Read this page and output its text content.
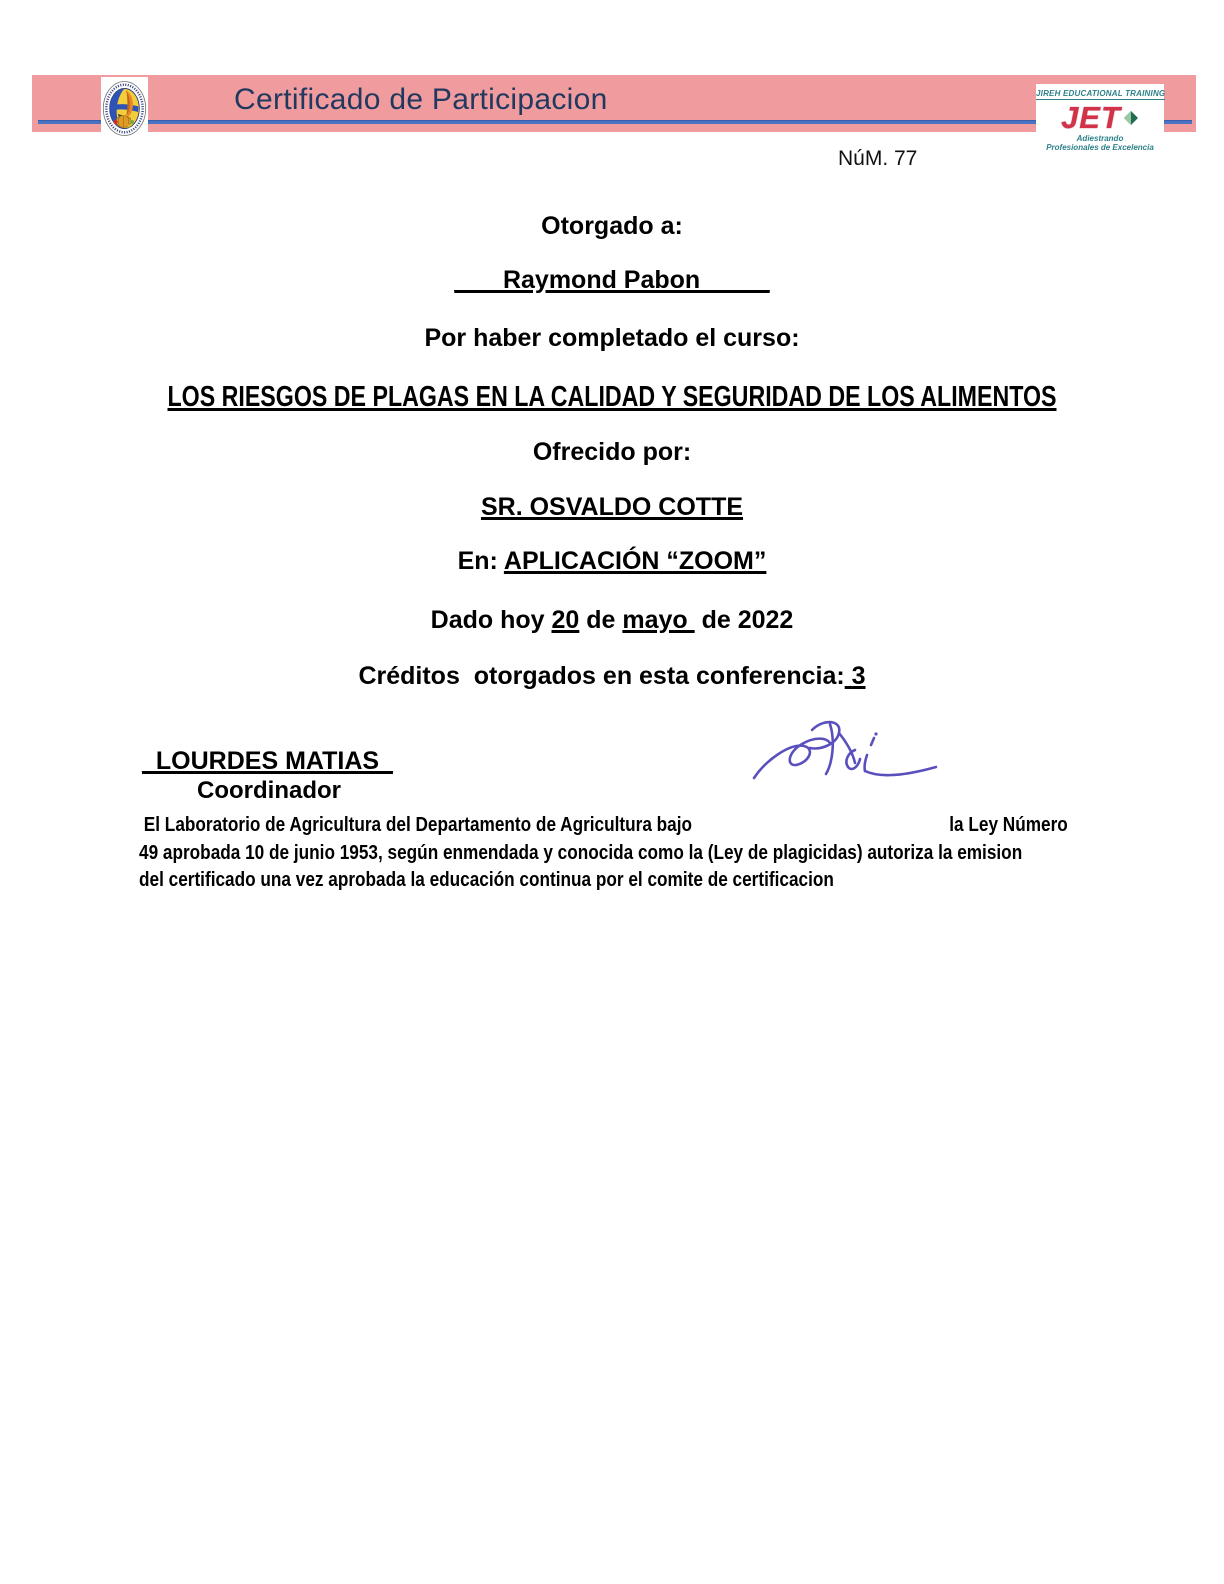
Certificado de Participacion	JIREH EDUCATIONAL TRAINING
JET
Adiestrando
Profesionales de Excelencia
NúM. 77
Otorgado a:
___ Raymond Pabon _ ___
Por haber completado el curso:
LOS RIESGOS DE PLAGAS EN LA CALIDAD Y SEGURIDAD DE LOS ALIMENTOS
Ofrecido por:
SR. OSVALDO COTTE
En: APLICACIÓN “ZOOM”
Dado hoy 20 de mayo  de 2022
Créditos  otorgados en esta conferencia: 3
_LOURDES MATIAS_
Coordinador
El Laboratorio de Agricultura del Departamento de Agricultura bajo	la Ley Número
49 aprobada 10 de junio 1953, según enmendada y conocida como la (Ley de plagicidas) autoriza la emision
del certificado una vez aprobada la educación continua por el comite de certificacion
